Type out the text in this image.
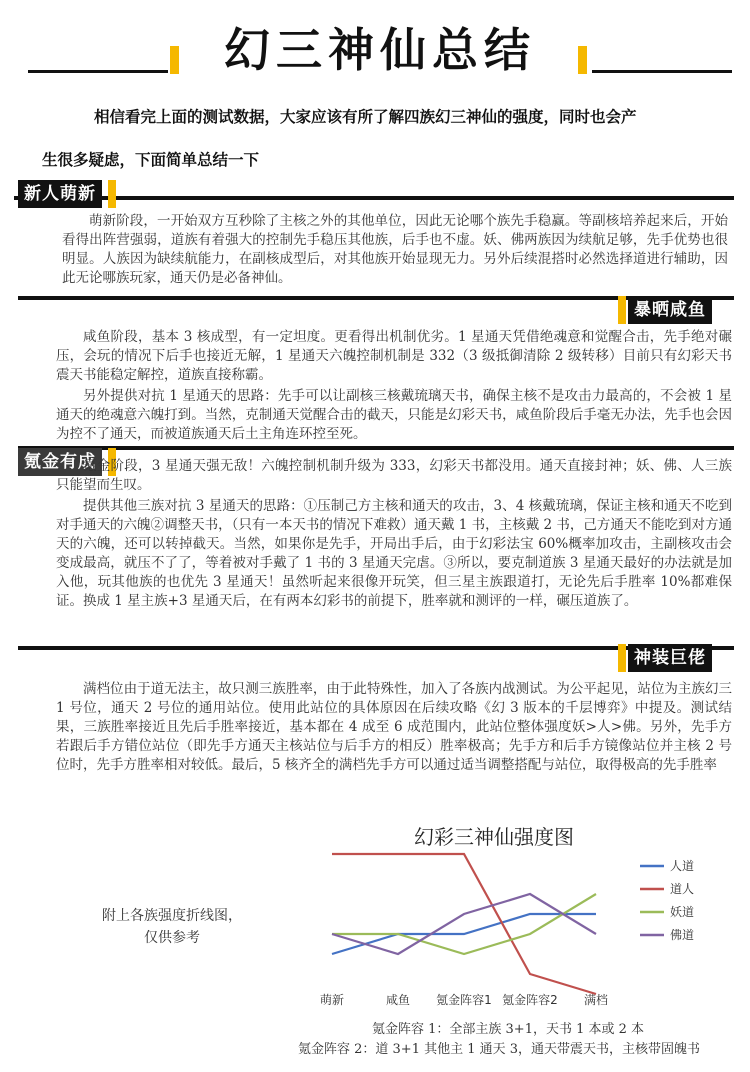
幻三神仙总结
相信看完上面的测试数据，大家应该有所了解四族幻三神仙的强度，同时也会产
生很多疑虑，下面简单总结一下
新人萌新

萌新阶段，一开始双方互秒除了主核之外的其他单位，因此无论哪个族先手稳赢。等副核培养起来后，开始看得出阵营强弱，道族有着强大的控制先手稳压其他族，后手也不虚。妖、佛两族因为续航足够，先手优势也很明显。人族因为缺续航能力，在副核成型后，对其他族开始显现无力。另外后续混搭时必然选择道进行辅助，因此无论哪族玩家，通天仍是必备神仙。

暴晒咸鱼

咸鱼阶段，基本 3 核成型，有一定坦度。更看得出机制优劣。1 星通天凭借绝魂意和觉醒合击，先手绝对碾压，会玩的情况下后手也接近无解，1 星通天六魄控制机制是 332（3 级抵御清除 2 级转移）目前只有幻彩天书震天书能稳定解控，道族直接称霸。

另外提供对抗 1 星通天的思路：先手可以让副核三核戴琉璃天书，确保主核不是攻击力最高的，不会被 1 星通天的绝魂意六魄打到。当然，克制通天觉醒合击的截天，只能是幻彩天书，咸鱼阶段后手毫无办法，先手也会因为控不了通天，而被道族通天后土主角连环控至死。

氪金有成

氪金阶段，3 星通天强无敌！六魄控制机制升级为 333，幻彩天书都没用。通天直接封神；妖、佛、人三族只能望而生叹。

提供其他三族对抗 3 星通天的思路：①压制己方主核和通天的攻击，3、4 核戴琉璃，保证主核和通天不吃到对手通天的六魄②调整天书，（只有一本天书的情况下难救）通天戴 1 书，主核戴 2 书，己方通天不能吃到对方通天的六魄，还可以转掉截天。当然，如果你是先手，开局出手后，由于幻彩法宝 60%概率加攻击，主副核攻击会变成最高，就压不了了，等着被对手戴了 1 书的 3 星通天完虐。③所以，要克制道族 3 星通天最好的办法就是加入他，玩其他族的也优先 3 星通天！虽然听起来很像开玩笑，但三星主族跟道打，无论先后手胜率 10%都难保证。换成 1 星主族+3 星通天后，在有两本幻彩书的前提下，胜率就和测评的一样，碾压道族了。

神装巨佬

满档位由于道无法主，故只测三族胜率，由于此特殊性，加入了各族内战测试。为公平起见，站位为主族幻三 1 号位，通天 2 号位的通用站位。使用此站位的具体原因在后续攻略《幻 3 版本的千层博弈》中提及。测试结果，三族胜率接近且先后手胜率接近，基本都在 4 成至 6 成范围内，此站位整体强度妖>人>佛。另外，先手方若跟后手方错位站位（即先手方通天主核站位与后手方的相反）胜率极高；先手方和后手方镜像站位并主核 2 号位时，先手方胜率相对较低。最后，5 核齐全的满档先手方可以通过适当调整搭配与站位，取得极高的先手胜率

附上各族强度折线图，
仅供参考
幻彩三神仙强度图
萌新	咸鱼 氪金阵容1 氪金阵容2 满档
人道
道人
妖道
佛道
氪金阵容 1：全部主族 3+1，天书 1 本或 2 本
氪金阵容 2：道 3+1 其他主 1 通天 3，通天带震天书，主核带固魄书
